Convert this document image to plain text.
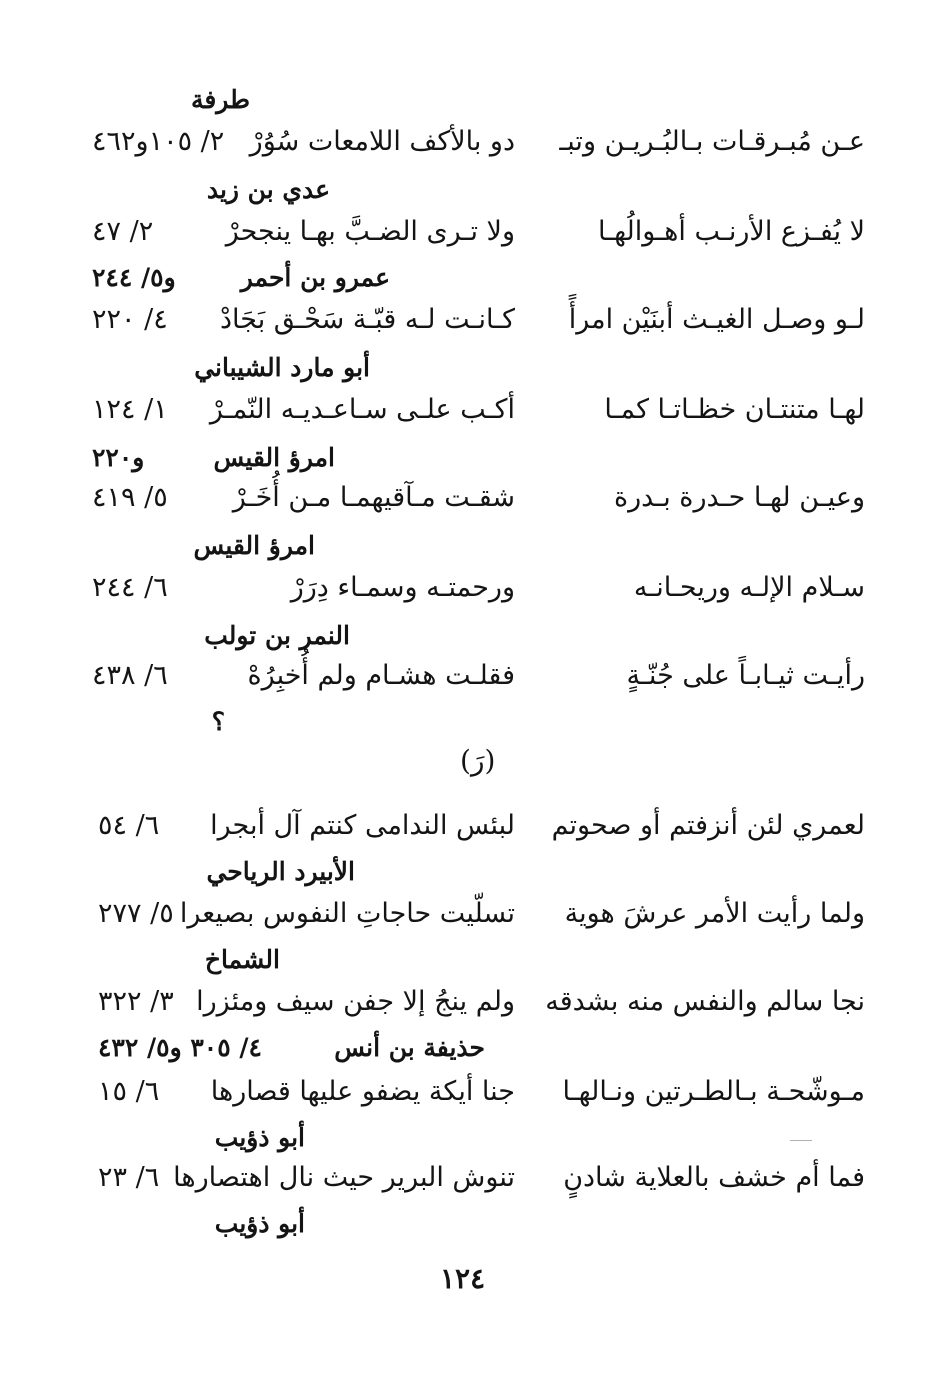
طرفة
عـن مُبـرقـات بـالبُـريـن وتبـ
دو بالأكف اللامعات سُوُرْ
٢/ ١٠٥و٤٦٢
عدي بن زيد
لا يُفـزع الأرنـب أهـوالُهـا
ولا تـرى الضـبَّ بهـا ينجحرْ
٢/ ٤٧
عمرو بن أحمر
و٥/ ٢٤٤
لـو وصـل الغيـث أبنَيْن امرأً
كـانـت لـه قبّـة سَحْـق بَجَادْ
٤/ ٢٢٠
أبو مارد الشيباني
لهـا متنتـان خظـاتـا كمـا
أكـب علـى سـاعـديـه النّمـرْ
١/ ١٢٤
امرؤ القيس
و٢٢٠
وعيـن لهـا حـدرة بـدرة
شقـت مـآقيهمـا مـن أُخَـرْ
٥/ ٤١٩
امرؤ القيس
سـلام الإلـه وريحـانـه
ورحمتـه وسمـاء دِرَرْ
٦/ ٢٤٤
النمر بن تولب
رأيـت ثيـابـاً على جُنّـةٍ
فقلـت هشـام ولم أُخبِرُهْ
٦/ ٤٣٨
؟
(رَ)
لعمري لئن أنزفتم أو صحوتم
لبئس الندامى كنتم آل أبجرا
٦/ ٥٤
الأبيرد الرياحي
ولما رأيت الأمر عرشَ هوية
تسلّيت حاجاتِ النفوس بصيعرا
٥/ ٢٧٧
الشماخ
نجا سالم والنفس منه بشدقه
ولم ينجُ إلا جفن سيف ومئزرا
٣/ ٣٢٢
حذيفة بن أنس
٤/ ٣٠٥ و٥/ ٤٣٢
مـوشّحـة بـالطـرتين ونـالهـا
جنا أيكة يضفو عليها قصارها
٦/ ١٥
أبو ذؤيب
فما أم خشف بالعلاية شادنٍ
تنوش البرير حيث نال اهتصارها
٦/ ٢٣
أبو ذؤيب
١٢٤
